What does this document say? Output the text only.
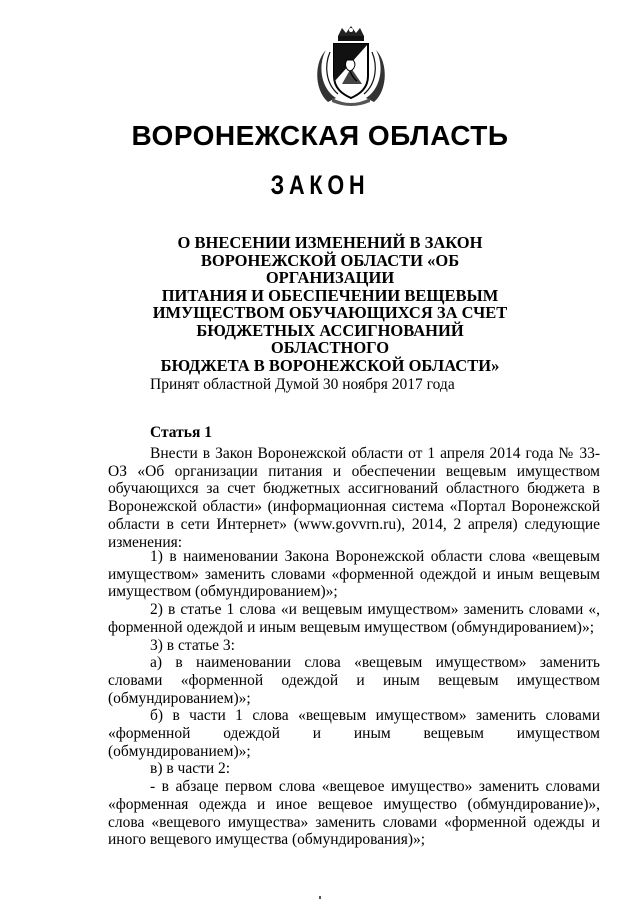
ВОРОНЕЖСКАЯ ОБЛАСТЬ
ЗАКОН
О ВНЕСЕНИИ ИЗМЕНЕНИЙ В ЗАКОН
ВОРОНЕЖСКОЙ ОБЛАСТИ «ОБ ОРГАНИЗАЦИИ
ПИТАНИЯ И ОБЕСПЕЧЕНИИ ВЕЩЕВЫМ
ИМУЩЕСТВОМ ОБУЧАЮЩИХСЯ ЗА СЧЕТ
БЮДЖЕТНЫХ АССИГНОВАНИЙ ОБЛАСТНОГО
БЮДЖЕТА В ВОРОНЕЖСКОЙ ОБЛАСТИ»

Принят областной Думой 30 ноября 2017 года

Статья 1

Внести в Закон Воронежской области от 1 апреля 2014 года № 33-ОЗ «Об организации питания и обеспечении вещевым имуществом обучающихся за счет бюджетных ассигнований областного бюджета в Воронежской области» (информационная система «Портал Воронежской области в сети Интернет» (www.govvrn.ru), 2014, 2 апреля) следующие изменения:

1) в наименовании Закона Воронежской области слова «вещевым имуществом» заменить словами «форменной одеждой и иным вещевым имуществом (обмундированием)»;

2) в статье 1 слова «и вещевым имуществом» заменить словами «, форменной одеждой и иным вещевым имуществом (обмундированием)»;

3) в статье 3:

а) в наименовании слова «вещевым имуществом» заменить словами «форменной одеждой и иным вещевым имуществом (обмундированием)»;

б) в части 1 слова «вещевым имуществом» заменить словами «форменной одеждой и иным вещевым имуществом (обмундированием)»;

в) в части 2:

- в абзаце первом слова «вещевое имущество» заменить словами «форменная одежда и иное вещевое имущество (обмундирование)», слова «вещевого имущества» заменить словами «форменной одежды и иного вещевого имущества (обмундирования)»;
